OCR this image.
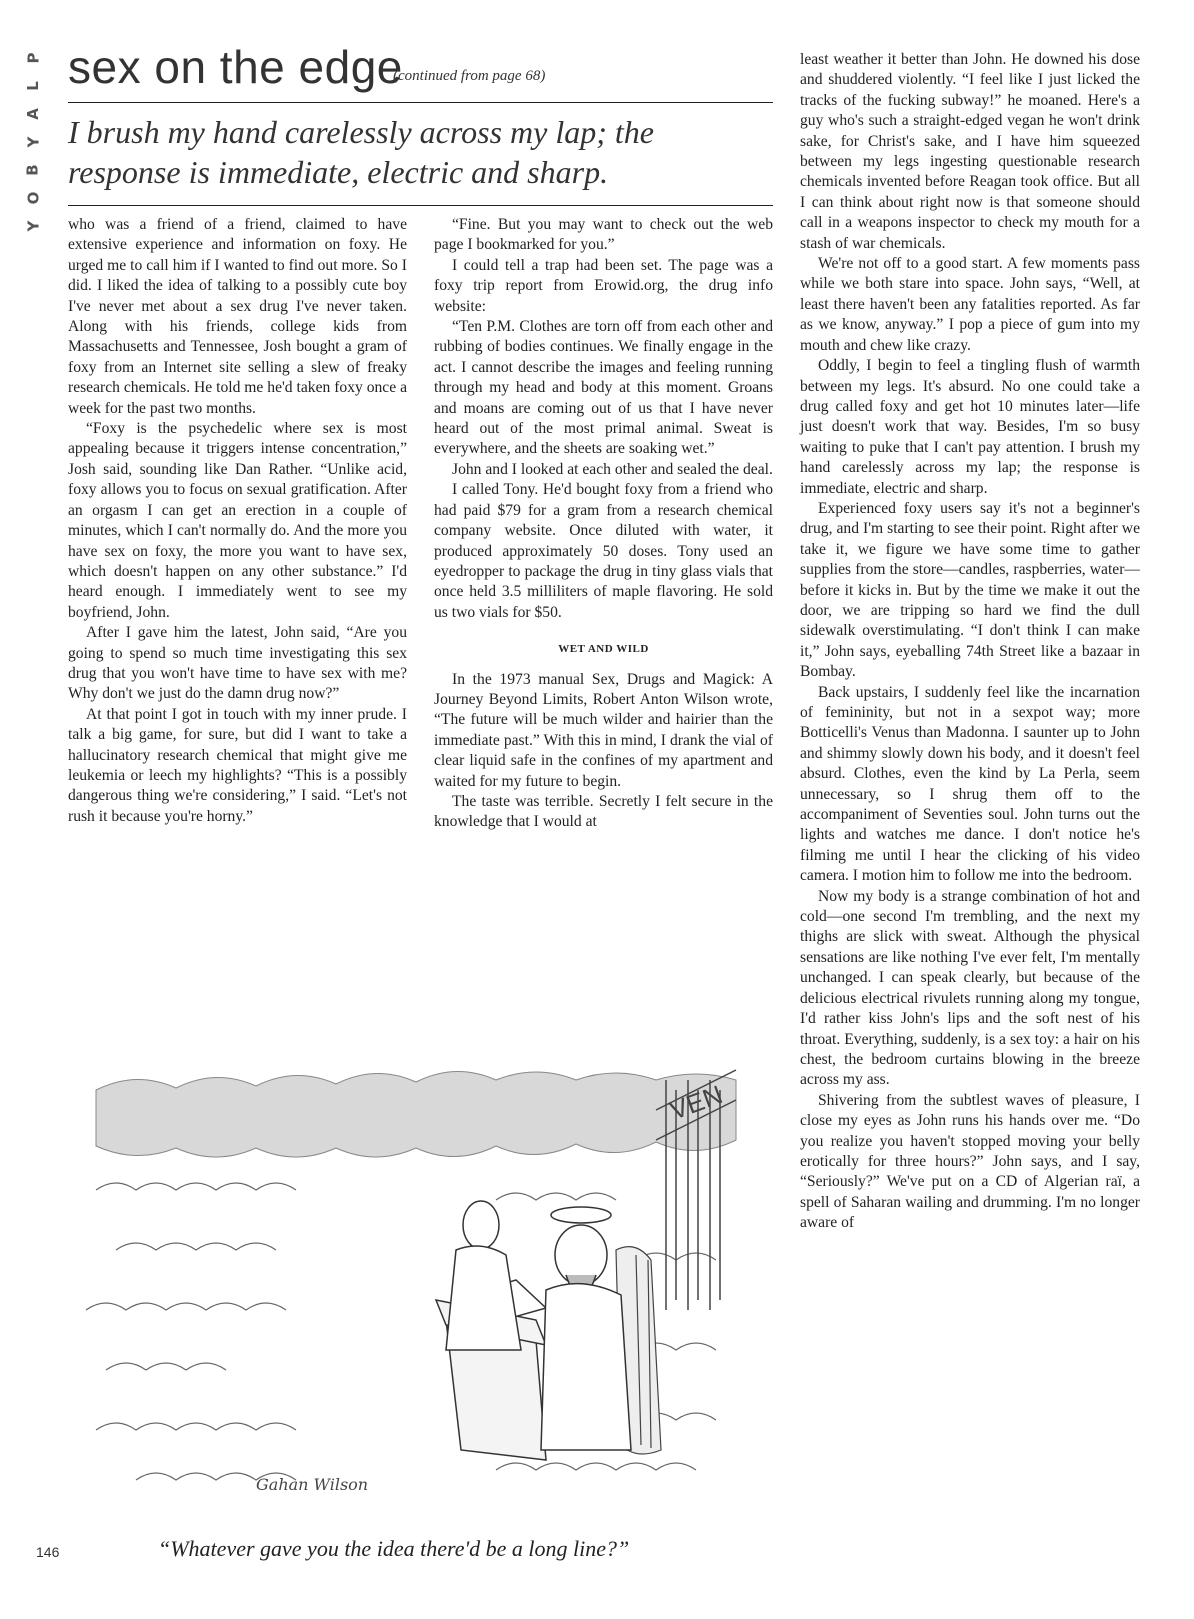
P
L
A
Y
B
O
Y
sex on the edge
(continued from page 68)
I brush my hand carelessly across my lap; the response is immediate, electric and sharp.

who was a friend of a friend, claimed to have extensive experience and information on foxy. He urged me to call him if I wanted to find out more. So I did. I liked the idea of talking to a possibly cute boy I've never met about a sex drug I've never taken. Along with his friends, college kids from Massachusetts and Tennessee, Josh bought a gram of foxy from an Internet site selling a slew of freaky research chemicals. He told me he'd taken foxy once a week for the past two months.

“Foxy is the psychedelic where sex is most appealing because it triggers intense concentration,” Josh said, sounding like Dan Rather. “Unlike acid, foxy allows you to focus on sexual gratification. After an orgasm I can get an erection in a couple of minutes, which I can't normally do. And the more you have sex on foxy, the more you want to have sex, which doesn't happen on any other substance.” I'd heard enough. I immediately went to see my boyfriend, John.

After I gave him the latest, John said, “Are you going to spend so much time investigating this sex drug that you won't have time to have sex with me? Why don't we just do the damn drug now?”

At that point I got in touch with my inner prude. I talk a big game, for sure, but did I want to take a hallucinatory research chemical that might give me leukemia or leech my highlights? “This is a possibly dangerous thing we're considering,” I said. “Let's not rush it because you're horny.”

“Fine. But you may want to check out the web page I bookmarked for you.”

I could tell a trap had been set. The page was a foxy trip report from Erowid.org, the drug info website:

“Ten P.M. Clothes are torn off from each other and rubbing of bodies continues. We finally engage in the act. I cannot describe the images and feeling running through my head and body at this moment. Groans and moans are coming out of us that I have never heard out of the most primal animal. Sweat is everywhere, and the sheets are soaking wet.”

John and I looked at each other and sealed the deal.

I called Tony. He'd bought foxy from a friend who had paid $79 for a gram from a research chemical company website. Once diluted with water, it produced approximately 50 doses. Tony used an eyedropper to package the drug in tiny glass vials that once held 3.5 milliliters of maple flavoring. He sold us two vials for $50.

WET AND WILD

In the 1973 manual Sex, Drugs and Magick: A Journey Beyond Limits, Robert Anton Wilson wrote, “The future will be much wilder and hairier than the immediate past.” With this in mind, I drank the vial of clear liquid safe in the confines of my apartment and waited for my future to begin.

The taste was terrible. Secretly I felt secure in the knowledge that I would at

least weather it better than John. He downed his dose and shuddered violently. “I feel like I just licked the tracks of the fucking subway!” he moaned. Here's a guy who's such a straight-edged vegan he won't drink sake, for Christ's sake, and I have him squeezed between my legs ingesting questionable research chemicals invented before Reagan took office. But all I can think about right now is that someone should call in a weapons inspector to check my mouth for a stash of war chemicals.

We're not off to a good start. A few moments pass while we both stare into space. John says, “Well, at least there haven't been any fatalities reported. As far as we know, anyway.” I pop a piece of gum into my mouth and chew like crazy.

Oddly, I begin to feel a tingling flush of warmth between my legs. It's absurd. No one could take a drug called foxy and get hot 10 minutes later—life just doesn't work that way. Besides, I'm so busy waiting to puke that I can't pay attention. I brush my hand carelessly across my lap; the response is immediate, electric and sharp.

Experienced foxy users say it's not a beginner's drug, and I'm starting to see their point. Right after we take it, we figure we have some time to gather supplies from the store—candles, raspberries, water—before it kicks in. But by the time we make it out the door, we are tripping so hard we find the dull sidewalk overstimulating. “I don't think I can make it,” John says, eyeballing 74th Street like a bazaar in Bombay.

Back upstairs, I suddenly feel like the incarnation of femininity, but not in a sexpot way; more Botticelli's Venus than Madonna. I saunter up to John and shimmy slowly down his body, and it doesn't feel absurd. Clothes, even the kind by La Perla, seem unnecessary, so I shrug them off to the accompaniment of Seventies soul. John turns out the lights and watches me dance. I don't notice he's filming me until I hear the clicking of his video camera. I motion him to follow me into the bedroom.

Now my body is a strange combination of hot and cold—one second I'm trembling, and the next my thighs are slick with sweat. Although the physical sensations are like nothing I've ever felt, I'm mentally unchanged. I can speak clearly, but because of the delicious electrical rivulets running along my tongue, I'd rather kiss John's lips and the soft nest of his throat. Everything, suddenly, is a sex toy: a hair on his chest, the bedroom curtains blowing in the breeze across my ass.

Shivering from the subtlest waves of pleasure, I close my eyes as John runs his hands over me. “Do you realize you haven't stopped moving your belly erotically for three hours?” John says, and I say, “Seriously?” We've put on a CD of Algerian raï, a spell of Saharan wailing and drumming. I'm no longer aware of

VEN
Gahan Wilson
“Whatever gave you the idea there'd be a long line?”
146
